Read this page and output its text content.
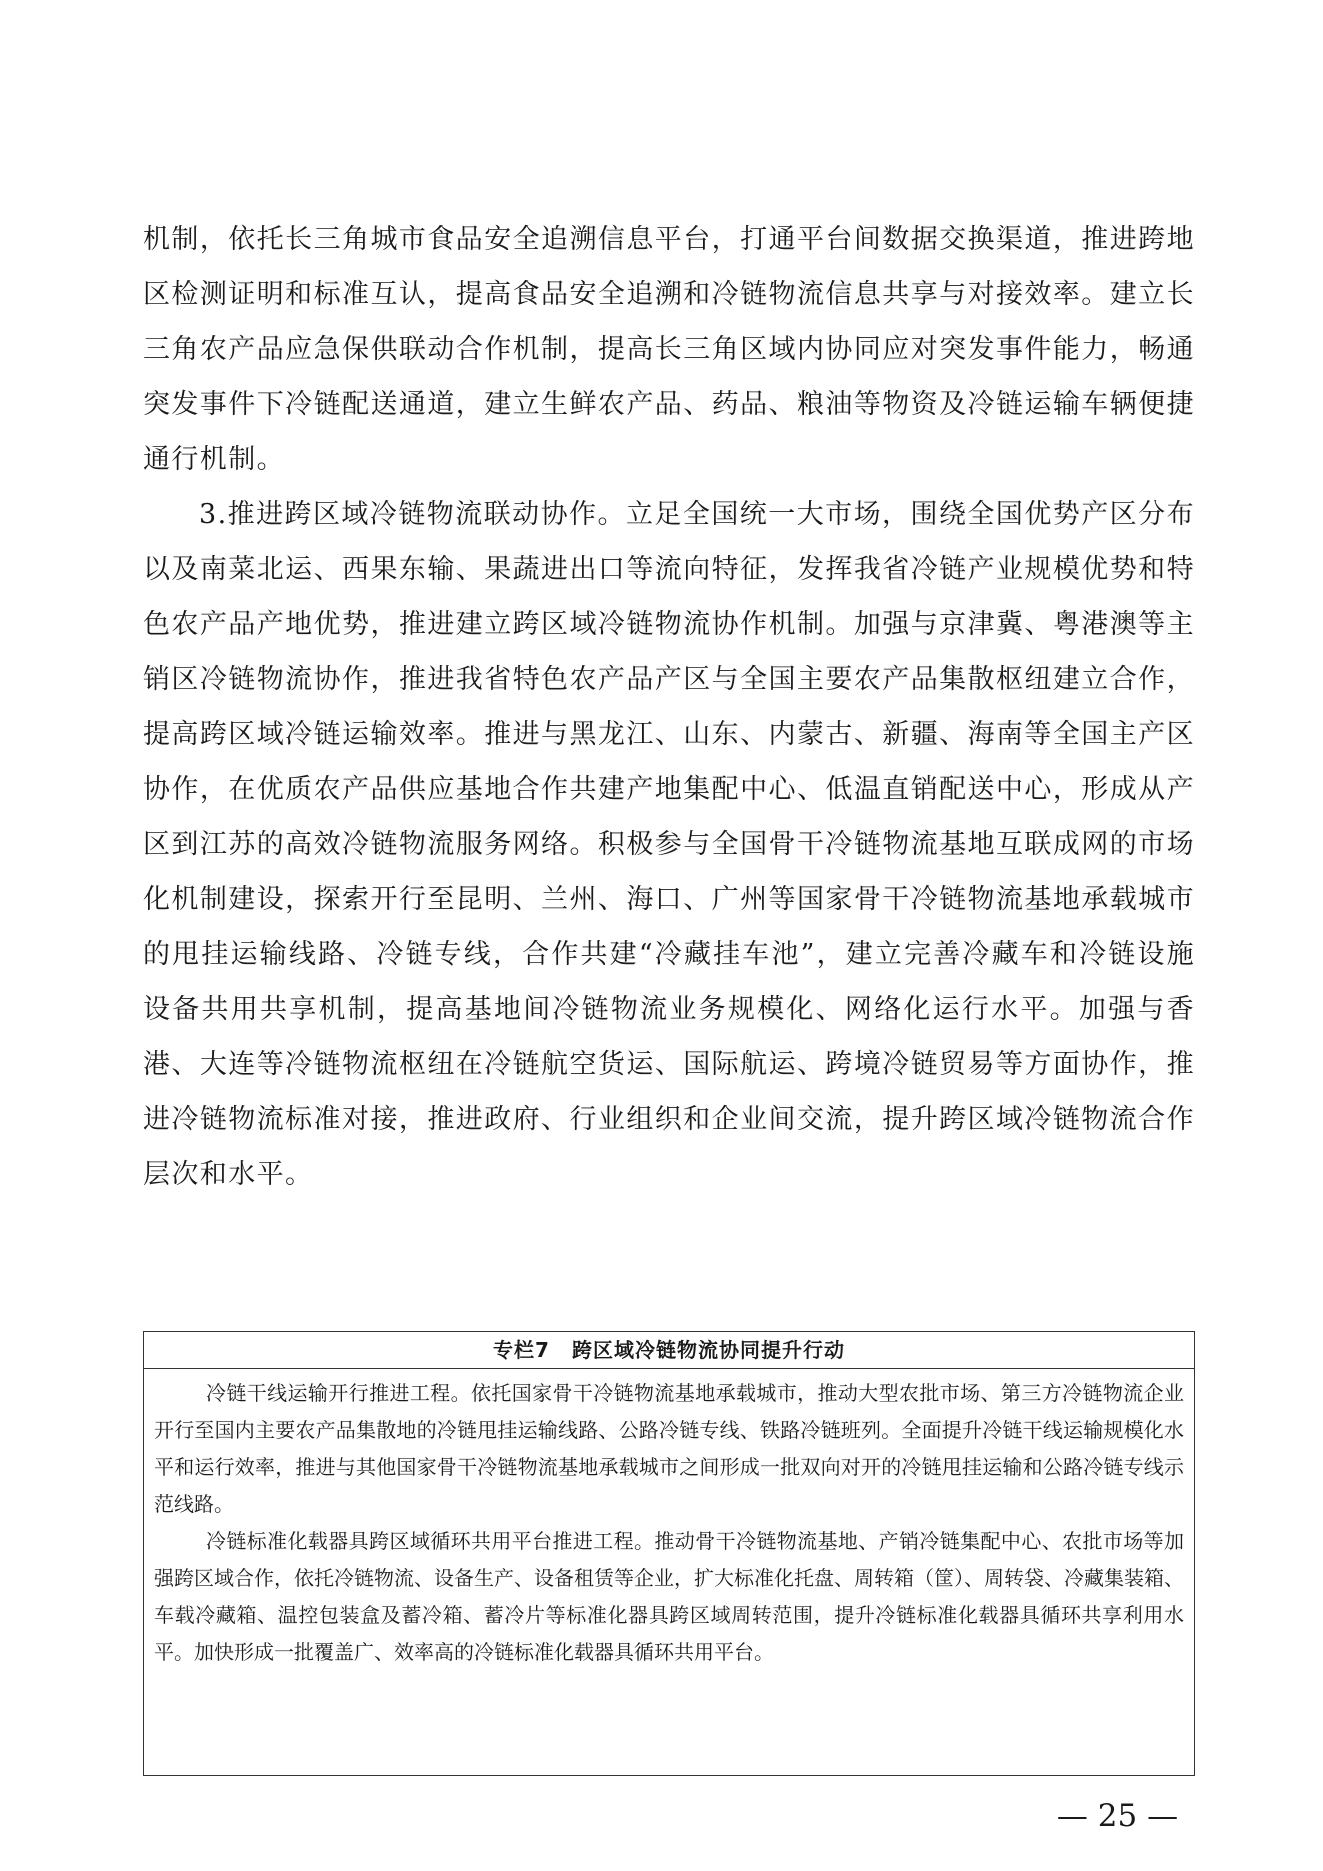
机制，依托长三角城市食品安全追溯信息平台，打通平台间数据交换渠道，推进跨地区检测证明和标准互认，提高食品安全追溯和冷链物流信息共享与对接效率。建立长三角农产品应急保供联动合作机制，提高长三角区域内协同应对突发事件能力，畅通突发事件下冷链配送通道，建立生鲜农产品、药品、粮油等物资及冷链运输车辆便捷通行机制。

3.推进跨区域冷链物流联动协作。立足全国统一大市场，围绕全国优势产区分布以及南菜北运、西果东输、果蔬进出口等流向特征，发挥我省冷链产业规模优势和特色农产品产地优势，推进建立跨区域冷链物流协作机制。加强与京津冀、粤港澳等主销区冷链物流协作，推进我省特色农产品产区与全国主要农产品集散枢纽建立合作，提高跨区域冷链运输效率。推进与黑龙江、山东、内蒙古、新疆、海南等全国主产区协作，在优质农产品供应基地合作共建产地集配中心、低温直销配送中心，形成从产区到江苏的高效冷链物流服务网络。积极参与全国骨干冷链物流基地互联成网的市场化机制建设，探索开行至昆明、兰州、海口、广州等国家骨干冷链物流基地承载城市的甩挂运输线路、冷链专线，合作共建“冷藏挂车池”，建立完善冷藏车和冷链设施设备共用共享机制，提高基地间冷链物流业务规模化、网络化运行水平。加强与香港、大连等冷链物流枢纽在冷链航空货运、国际航运、跨境冷链贸易等方面协作，推进冷链物流标准对接，推进政府、行业组织和企业间交流，提升跨区域冷链物流合作层次和水平。

专栏7 跨区域冷链物流协同提升行动

冷链干线运输开行推进工程。依托国家骨干冷链物流基地承载城市，推动大型农批市场、第三方冷链物流企业开行至国内主要农产品集散地的冷链甩挂运输线路、公路冷链专线、铁路冷链班列。全面提升冷链干线运输规模化水平和运行效率，推进与其他国家骨干冷链物流基地承载城市之间形成一批双向对开的冷链甩挂运输和公路冷链专线示范线路。

冷链标准化载器具跨区域循环共用平台推进工程。推动骨干冷链物流基地、产销冷链集配中心、农批市场等加强跨区域合作，依托冷链物流、设备生产、设备租赁等企业，扩大标准化托盘、周转箱（筐）、周转袋、冷藏集装箱、车载冷藏箱、温控包装盒及蓄冷箱、蓄冷片等标准化器具跨区域周转范围，提升冷链标准化载器具循环共享利用水平。加快形成一批覆盖广、效率高的冷链标准化载器具循环共用平台。

— 25 —
